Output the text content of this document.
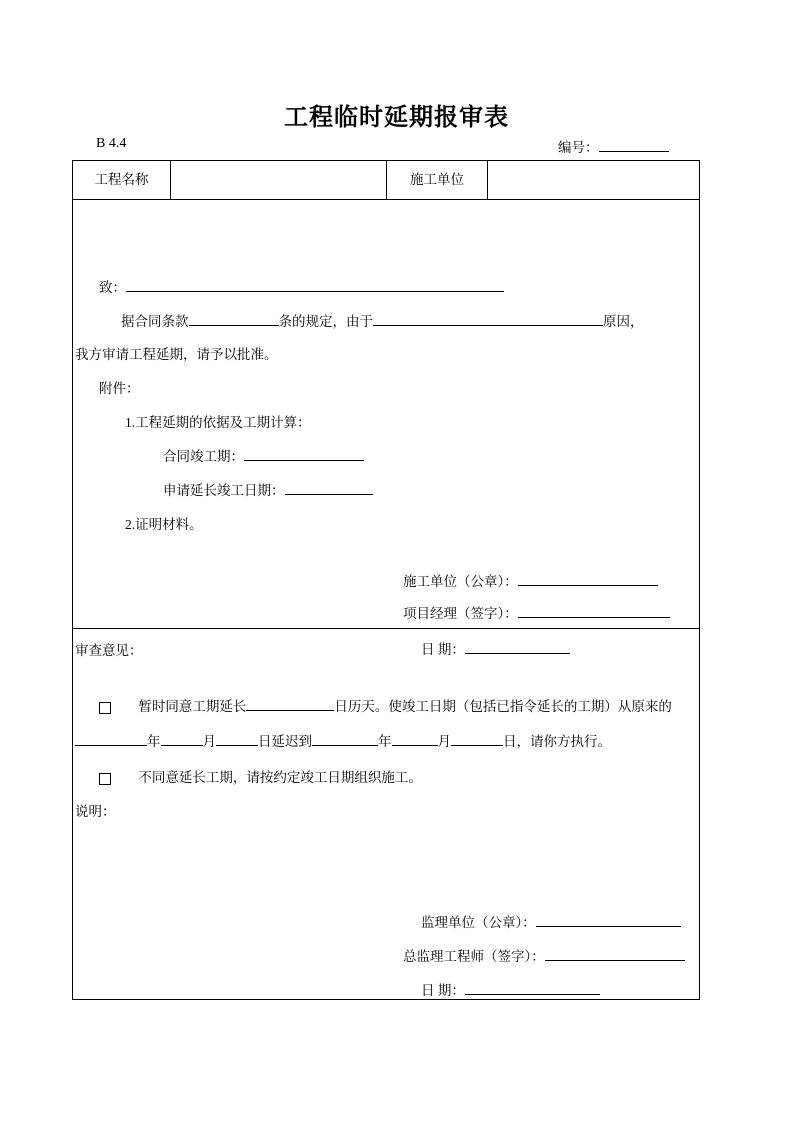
工程临时延期报审表
B 4.4	编号：
工程名称		施工单位	

致：
据合同条款	条的规定，由于	原因，
我方审请工程延期，请予以批准。
附件：
1.工程延期的依据及工期计算：
合同竣工期：
申请延长竣工日期：
2.证明材料。
施工单位（公章）：
项目经理（签字）：
日 期：

审查意见：
暂时同意工期延长	日历天。使竣工日期（包括已指令延长的工期）从原来的
年	月	日延迟到	年	月	日，请你方执行。
不同意延长工期，请按约定竣工日期组织施工。
说明：
监理单位（公章）：
总监理工程师（签字）：
日 期：
